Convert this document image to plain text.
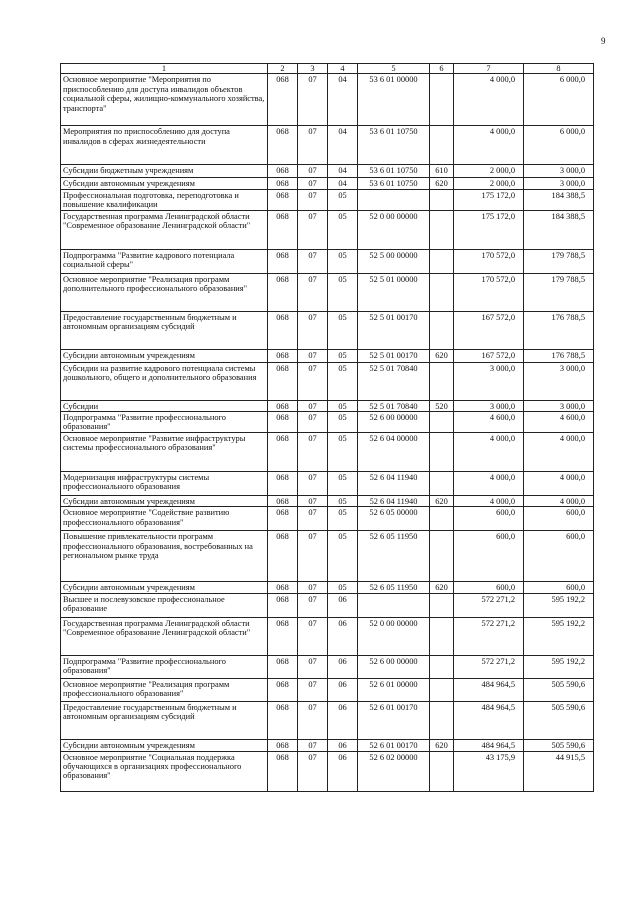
9
1	2	3	4	5	6	7	8
Основное мероприятие "Мероприятия по приспособлению для доступа инвалидов объектов социальной сферы, жилищно-коммунального хозяйства, транспорта"	068	07	04	53 6 01 00000		4 000,0	6 000,0
Мероприятия по приспособлению для доступа инвалидов в сферах жизнедеятельности	068	07	04	53 6 01 10750		4 000,0	6 000,0
Субсидии бюджетным учреждениям	068	07	04	53 6 01 10750	610	2 000,0	3 000,0
Субсидии автономным учреждениям	068	07	04	53 6 01 10750	620	2 000,0	3 000,0
Профессиональная подготовка, переподготовка и повышение квалификации	068	07	05			175 172,0	184 388,5
Государственная программа Ленинградской области "Современное образование Ленинградской области"	068	07	05	52 0 00 00000		175 172,0	184 388,5
Подпрограмма "Развитие кадрового потенциала социальной сферы"	068	07	05	52 5 00 00000		170 572,0	179 788,5
Основное мероприятие "Реализация программ дополнительного профессионального образования"	068	07	05	52 5 01 00000		170 572,0	179 788,5
Предоставление государственным бюджетным и автономным организациям субсидий	068	07	05	52 5 01 00170		167 572,0	176 788,5
Субсидии автономным учреждениям	068	07	05	52 5 01 00170	620	167 572,0	176 788,5
Субсидии на развитие кадрового потенциала системы дошкольного, общего и дополнительного образования	068	07	05	52 5 01 70840		3 000,0	3 000,0
Субсидии	068	07	05	52 5 01 70840	520	3 000,0	3 000,0
Подпрограмма "Развитие профессионального образования"	068	07	05	52 6 00 00000		4 600,0	4 600,0
Основное мероприятие "Развитие инфраструктуры системы профессионального образования"	068	07	05	52 6 04 00000		4 000,0	4 000,0
Модернизация инфраструктуры системы профессионального образования	068	07	05	52 6 04 11940		4 000,0	4 000,0
Субсидии автономным учреждениям	068	07	05	52 6 04 11940	620	4 000,0	4 000,0
Основное мероприятие "Содействие развитию профессионального образования"	068	07	05	52 6 05 00000		600,0	600,0
Повышение привлекательности программ профессионального образования, востребованных на региональном рынке труда	068	07	05	52 6 05 11950		600,0	600,0
Субсидии автономным учреждениям	068	07	05	52 6 05 11950	620	600,0	600,0
Высшее и послевузовское профессиональное образование	068	07	06			572 271,2	595 192,2
Государственная программа Ленинградской области "Современное образование Ленинградской области"	068	07	06	52 0 00 00000		572 271,2	595 192,2
Подпрограмма "Развитие профессионального образования"	068	07	06	52 6 00 00000		572 271,2	595 192,2
Основное мероприятие "Реализация программ профессионального образования"	068	07	06	52 6 01 00000		484 964,5	505 590,6
Предоставление государственным бюджетным и автономным организациям субсидий	068	07	06	52 6 01 00170		484 964,5	505 590,6
Субсидии автономным учреждениям	068	07	06	52 6 01 00170	620	484 964,5	505 590,6
Основное мероприятие "Социальная поддержка обучающихся в организациях профессионального образования"	068	07	06	52 6 02 00000		43 175,9	44 915,5
